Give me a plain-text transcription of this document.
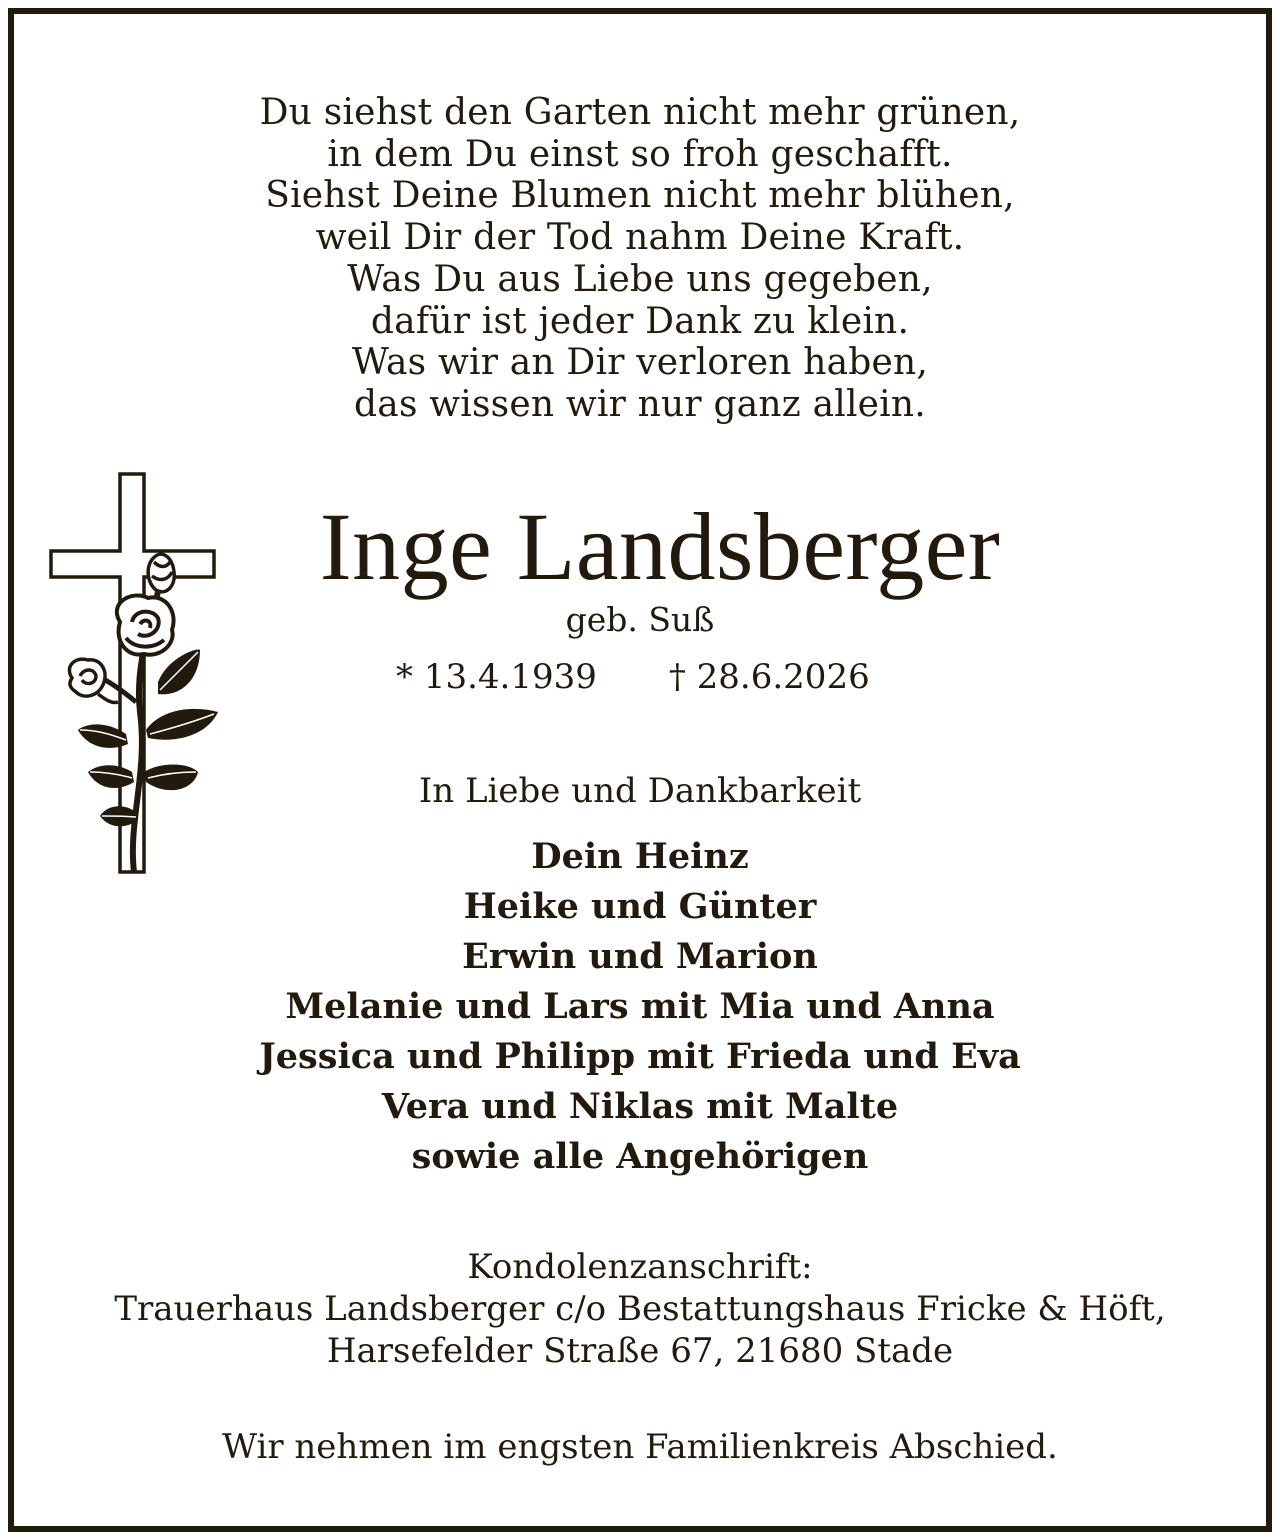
Du siehst den Garten nicht mehr grünen,
in dem Du einst so froh geschafft.
Siehst Deine Blumen nicht mehr blühen,
weil Dir der Tod nahm Deine Kraft.
Was Du aus Liebe uns gegeben,
dafür ist jeder Dank zu klein.
Was wir an Dir verloren haben,
das wissen wir nur ganz allein.
Inge Landsberger
geb. Suß
* 13.4.1939 † 28.6.2026
In Liebe und Dankbarkeit
Dein Heinz
Heike und Günter
Erwin und Marion
Melanie und Lars mit Mia und Anna
Jessica und Philipp mit Frieda und Eva
Vera und Niklas mit Malte
sowie alle Angehörigen
Kondolenzanschrift:
Trauerhaus Landsberger c/o Bestattungshaus Fricke & Höft,
Harsefelder Straße 67, 21680 Stade
Wir nehmen im engsten Familienkreis Abschied.
